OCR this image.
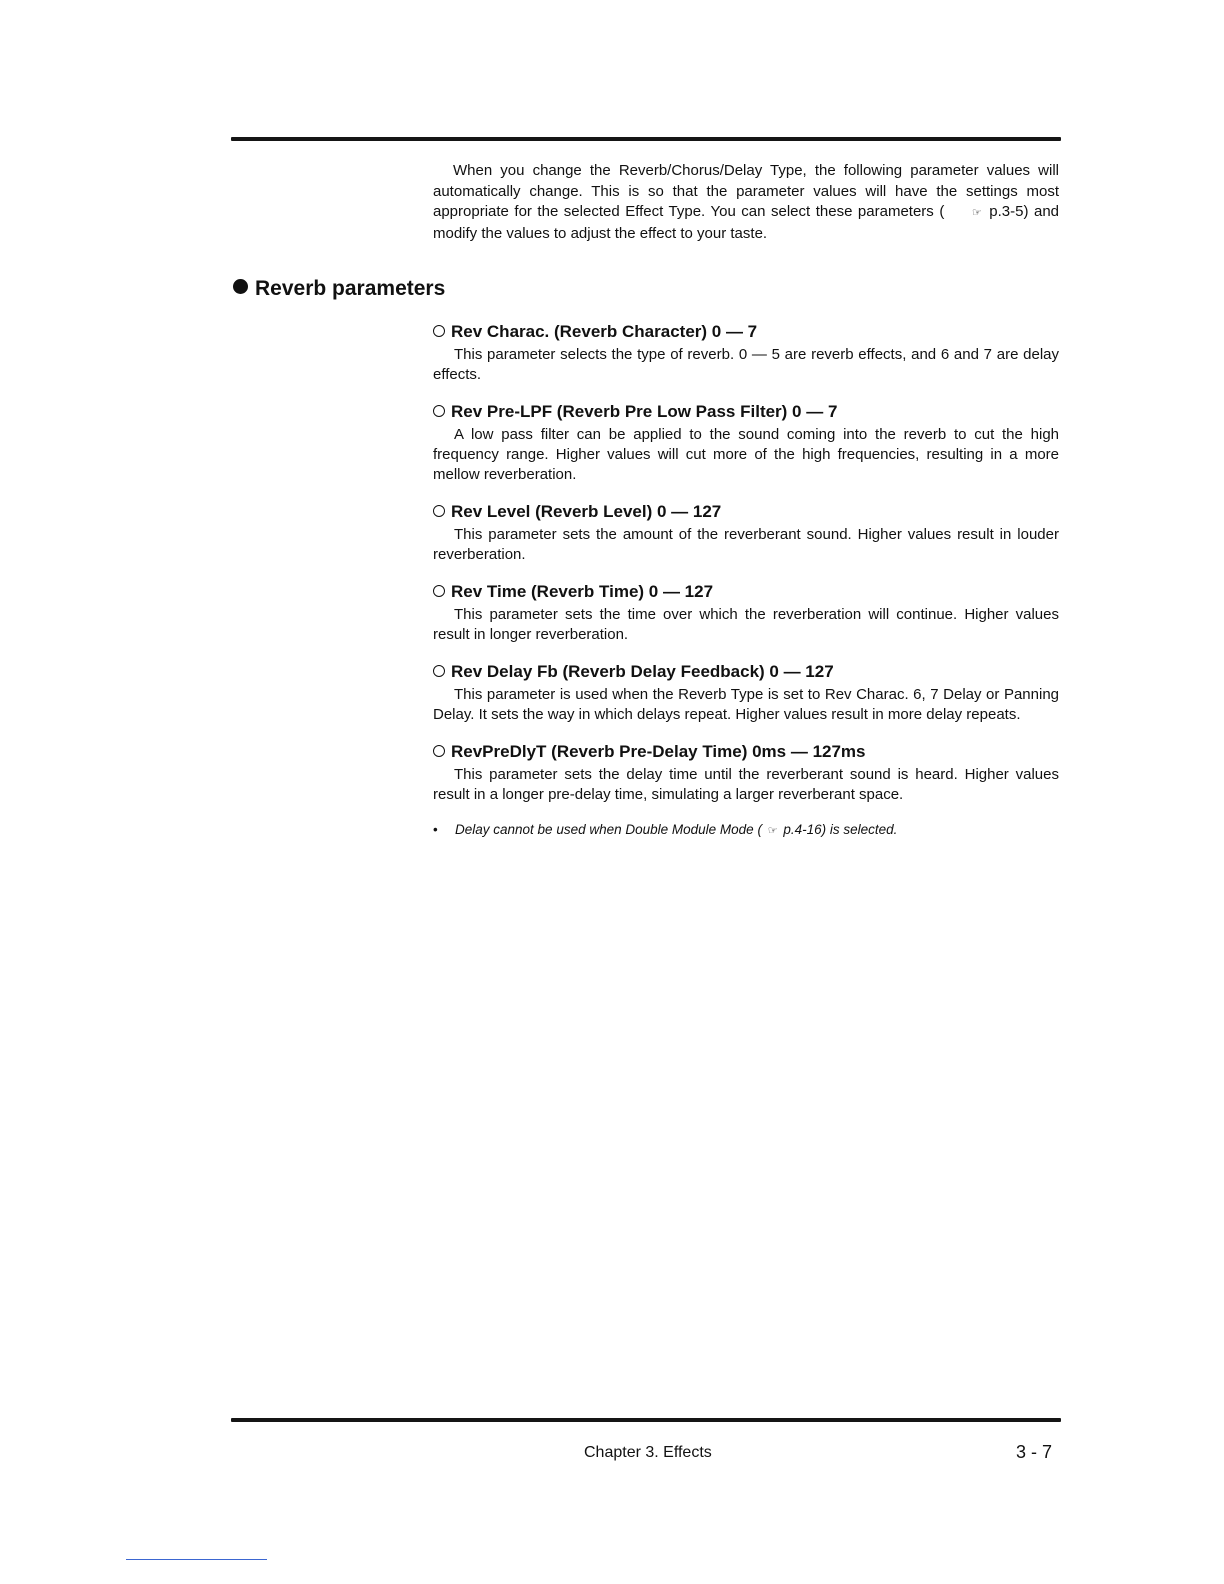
When you change the Reverb/Chorus/Delay Type, the following parameter values will automatically change. This is so that the parameter values will have the settings most appropriate for the selected Effect Type. You can select these parameters (	☞ p.3-5) and modify the values to adjust the effect to your taste.

Reverb parameters

Rev Charac. (Reverb Character) 0 — 7

This parameter selects the type of reverb. 0 — 5 are reverb effects, and 6 and 7 are delay effects.

Rev Pre-LPF (Reverb Pre Low Pass Filter) 0 — 7

A low pass filter can be applied to the sound coming into the reverb to cut the high frequency range. Higher values will cut more of the high frequencies, resulting in a more mellow reverberation.

Rev Level (Reverb Level) 0 — 127

This parameter sets the amount of the reverberant sound. Higher values result in louder reverberation.

Rev Time (Reverb Time) 0 — 127

This parameter sets the time over which the reverberation will continue. Higher values result in longer reverberation.

Rev Delay Fb (Reverb Delay Feedback) 0 — 127

This parameter is used when the Reverb Type is set to Rev Charac. 6, 7 Delay or Panning Delay. It sets the way in which delays repeat. Higher values result in more delay repeats.

RevPreDlyT (Reverb Pre-Delay Time) 0ms — 127ms

This parameter sets the delay time until the reverberant sound is heard. Higher values result in a longer pre-delay time, simulating a larger reverberant space.

• Delay cannot be used when Double Module Mode ( ☞ p.4-16) is selected.

Chapter 3. Effects	3 - 7
